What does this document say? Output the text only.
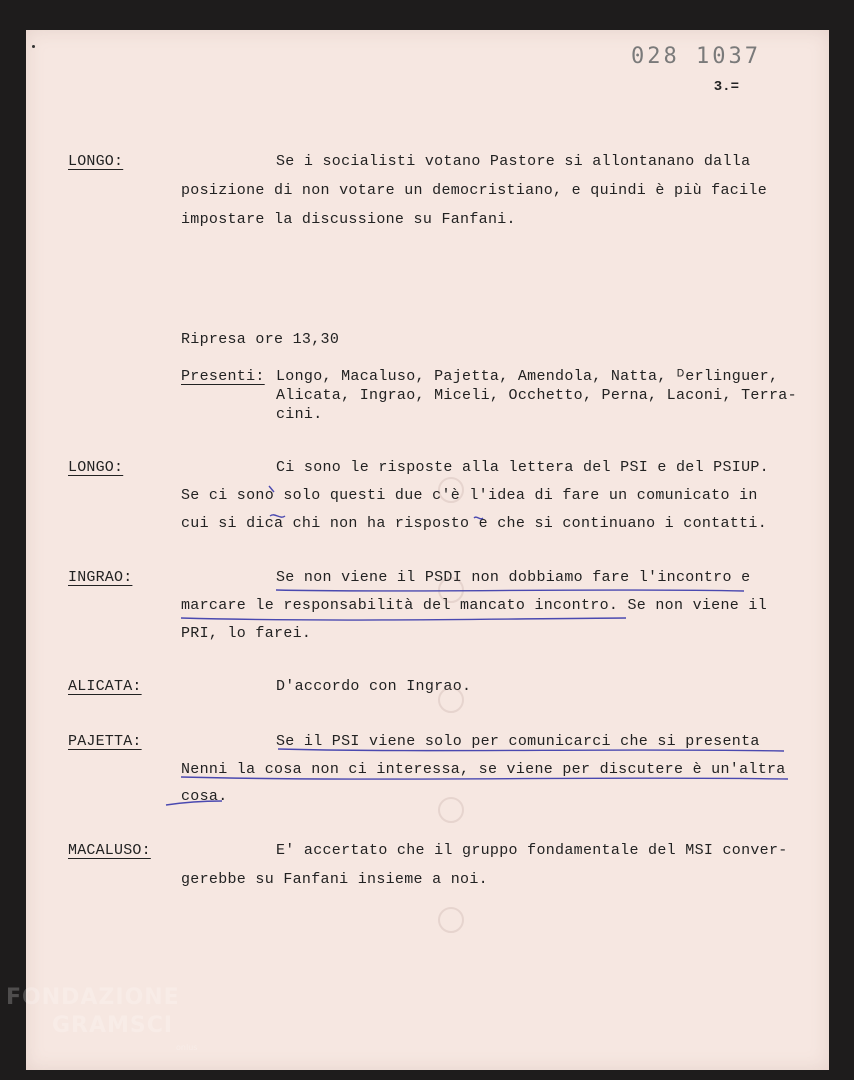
028 1037
3.=
LONGO:	Se i socialisti votano Pastore si allontanano dalla
posizione di non votare un democristiano, e quindi è più facile
impostare la discussione su Fanfani.
Ripresa ore 13,30
Presenti: Longo, Macaluso, Pajetta, Amendola, Natta, ᴰerlinguer,
Alicata, Ingrao, Miceli, Occhetto, Perna, Laconi, Terra-
cini.
LONGO:	Ci sono le risposte alla lettera del PSI e del PSIUP.
Se ci sono solo questi due c'è l'idea di fare un comunicato in
cui si dica chi non ha risposto e che si continuano i contatti.
INGRAO:	Se non viene il PSDI non dobbiamo fare l'incontro e
marcare le responsabilità del mancato incontro. Se non viene il
PRI, lo farei.
ALICATA:	D'accordo con Ingrao.
PAJETTA:	Se il PSI viene solo per comunicarci che si presenta
Nenni la cosa non ci interessa, se viene per discutere è un'altra
cosa.
MACALUSO:	E' accertato che il gruppo fondamentale del MSI conver-
gerebbe su Fanfani insieme a noi.
FONDAZIONE
GRAMSCI
onlus
